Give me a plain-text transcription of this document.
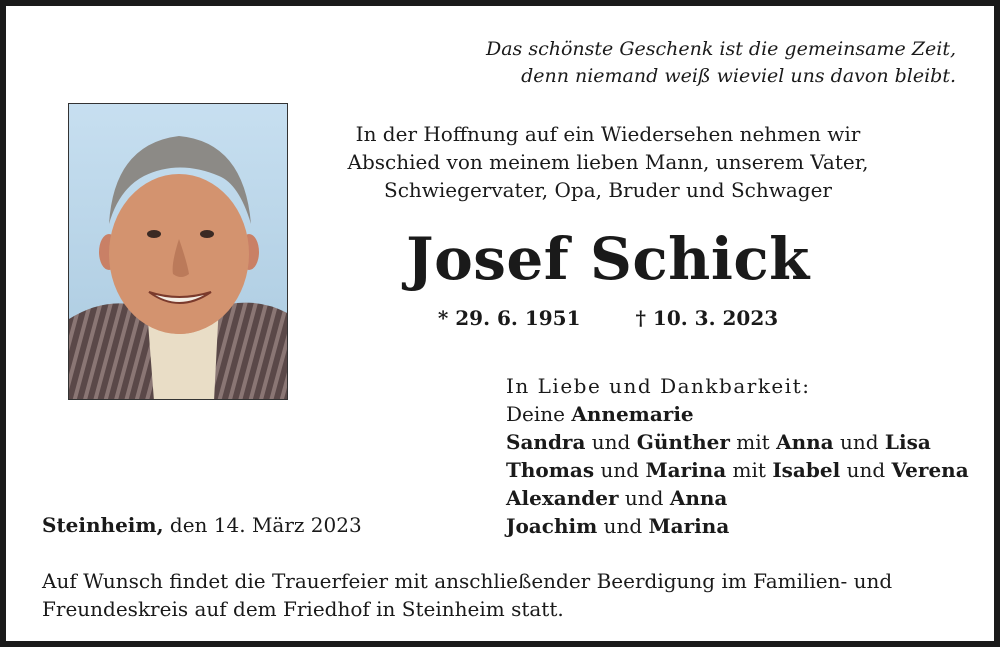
Das schönste Geschenk ist die gemeinsame Zeit,
denn niemand weiß wieviel uns davon bleibt.
In der Hoffnung auf ein Wiedersehen nehmen wir
Abschied von meinem lieben Mann, unserem Vater,
Schwiegervater, Opa, Bruder und Schwager
Josef Schick
* 29. 6. 1951	† 10. 3. 2023
In Liebe und Dankbarkeit:
Deine Annemarie
Sandra und Günther mit Anna und Lisa
Thomas und Marina mit Isabel und Verena
Alexander und Anna
Joachim und Marina
Steinheim, den 14. März 2023
Auf Wunsch findet die Trauerfeier mit anschließender Beerdigung im Familien- und
Freundeskreis auf dem Friedhof in Steinheim statt.
